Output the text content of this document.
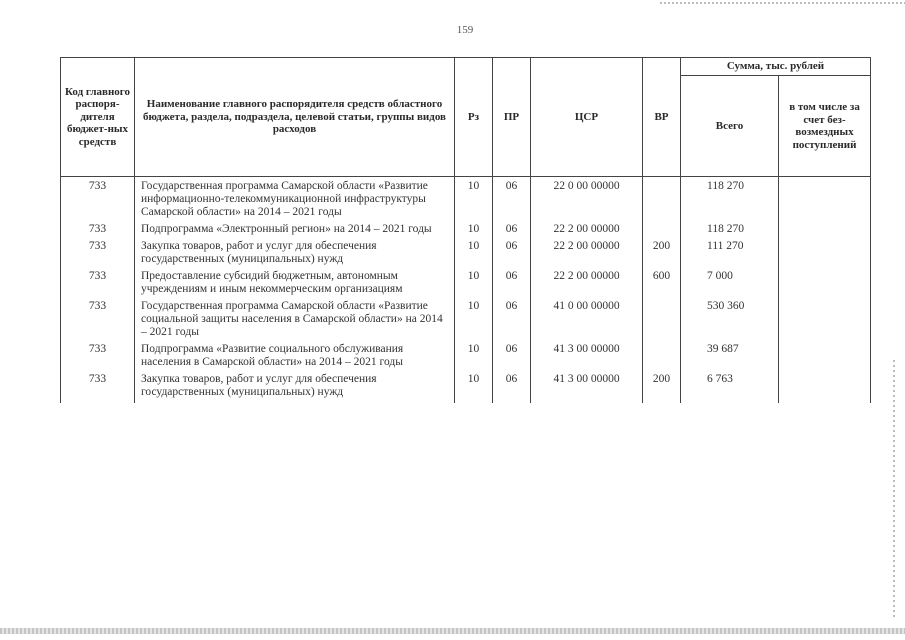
159
Код главного распоря-дителя бюджет-ных средств	Наименование главного распорядителя средств областного бюджета, раздела, подраздела, целевой статьи, группы видов расходов	Рз	ПР	ЦСР	ВР	Сумма, тыс. рублей	
						Всего	в том числе за счет без-возмездных поступлений

733	Государственная программа Самарской области «Развитие информационно-телекоммуникационной инфраструктуры Самарской области» на 2014 – 2021 годы	10	06	22 0 00 00000		118 270	
733	Подпрограмма «Электронный регион» на 2014 – 2021 годы	10	06	22 2 00 00000		118 270	
733	Закупка товаров, работ и услуг для обеспечения государственных (муниципальных) нужд	10	06	22 2 00 00000	200	111 270	
733	Предоставление субсидий бюджетным, автономным учреждениям и иным некоммерческим организациям	10	06	22 2 00 00000	600	7 000	
733	Государственная программа Самарской области «Развитие социальной защиты населения в Самарской области» на 2014 – 2021 годы	10	06	41 0 00 00000		530 360	
733	Подпрограмма «Развитие социального обслуживания населения в Самарской области» на 2014 – 2021 годы	10	06	41 3 00 00000		39 687	
733	Закупка товаров, работ и услуг для обеспечения государственных (муниципальных) нужд	10	06	41 3 00 00000	200	6 763	
